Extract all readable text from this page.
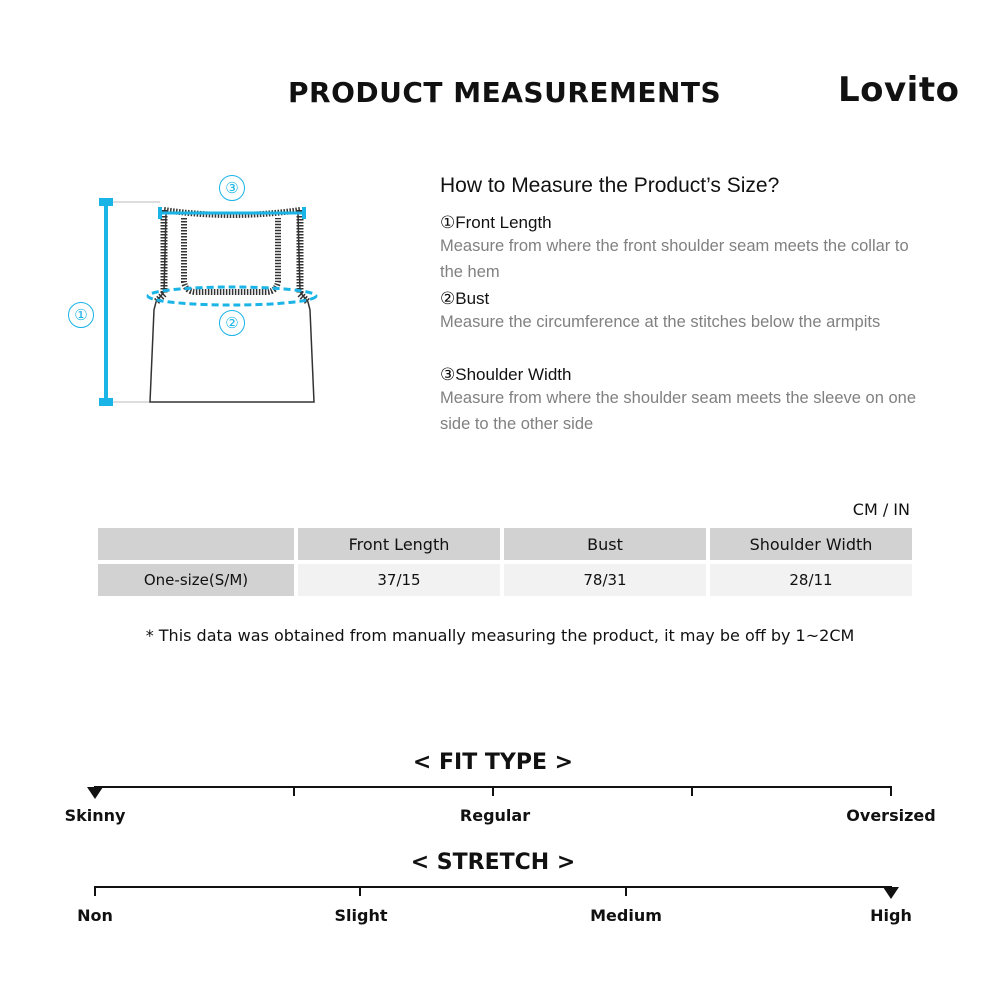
PRODUCT MEASUREMENTS	Lovito
①	②
③	How to Measure the Product’s Size?
①Front Length
Measure from where the front shoulder seam meets the collar to the hem
②Bust
Measure the circumference at the stitches below the armpits
③Shoulder Width
Measure from where the shoulder seam meets the sleeve on one side to the other side
CM / IN
	Front Length	Bust	Shoulder Width
One-size(S/M)	37/15	78/31	28/11
* This data was obtained from manually measuring the product, it may be off by 1~2CM
< FIT TYPE >
Skinny	Regular	Oversized
< STRETCH >
Non	Slight	Medium	High
